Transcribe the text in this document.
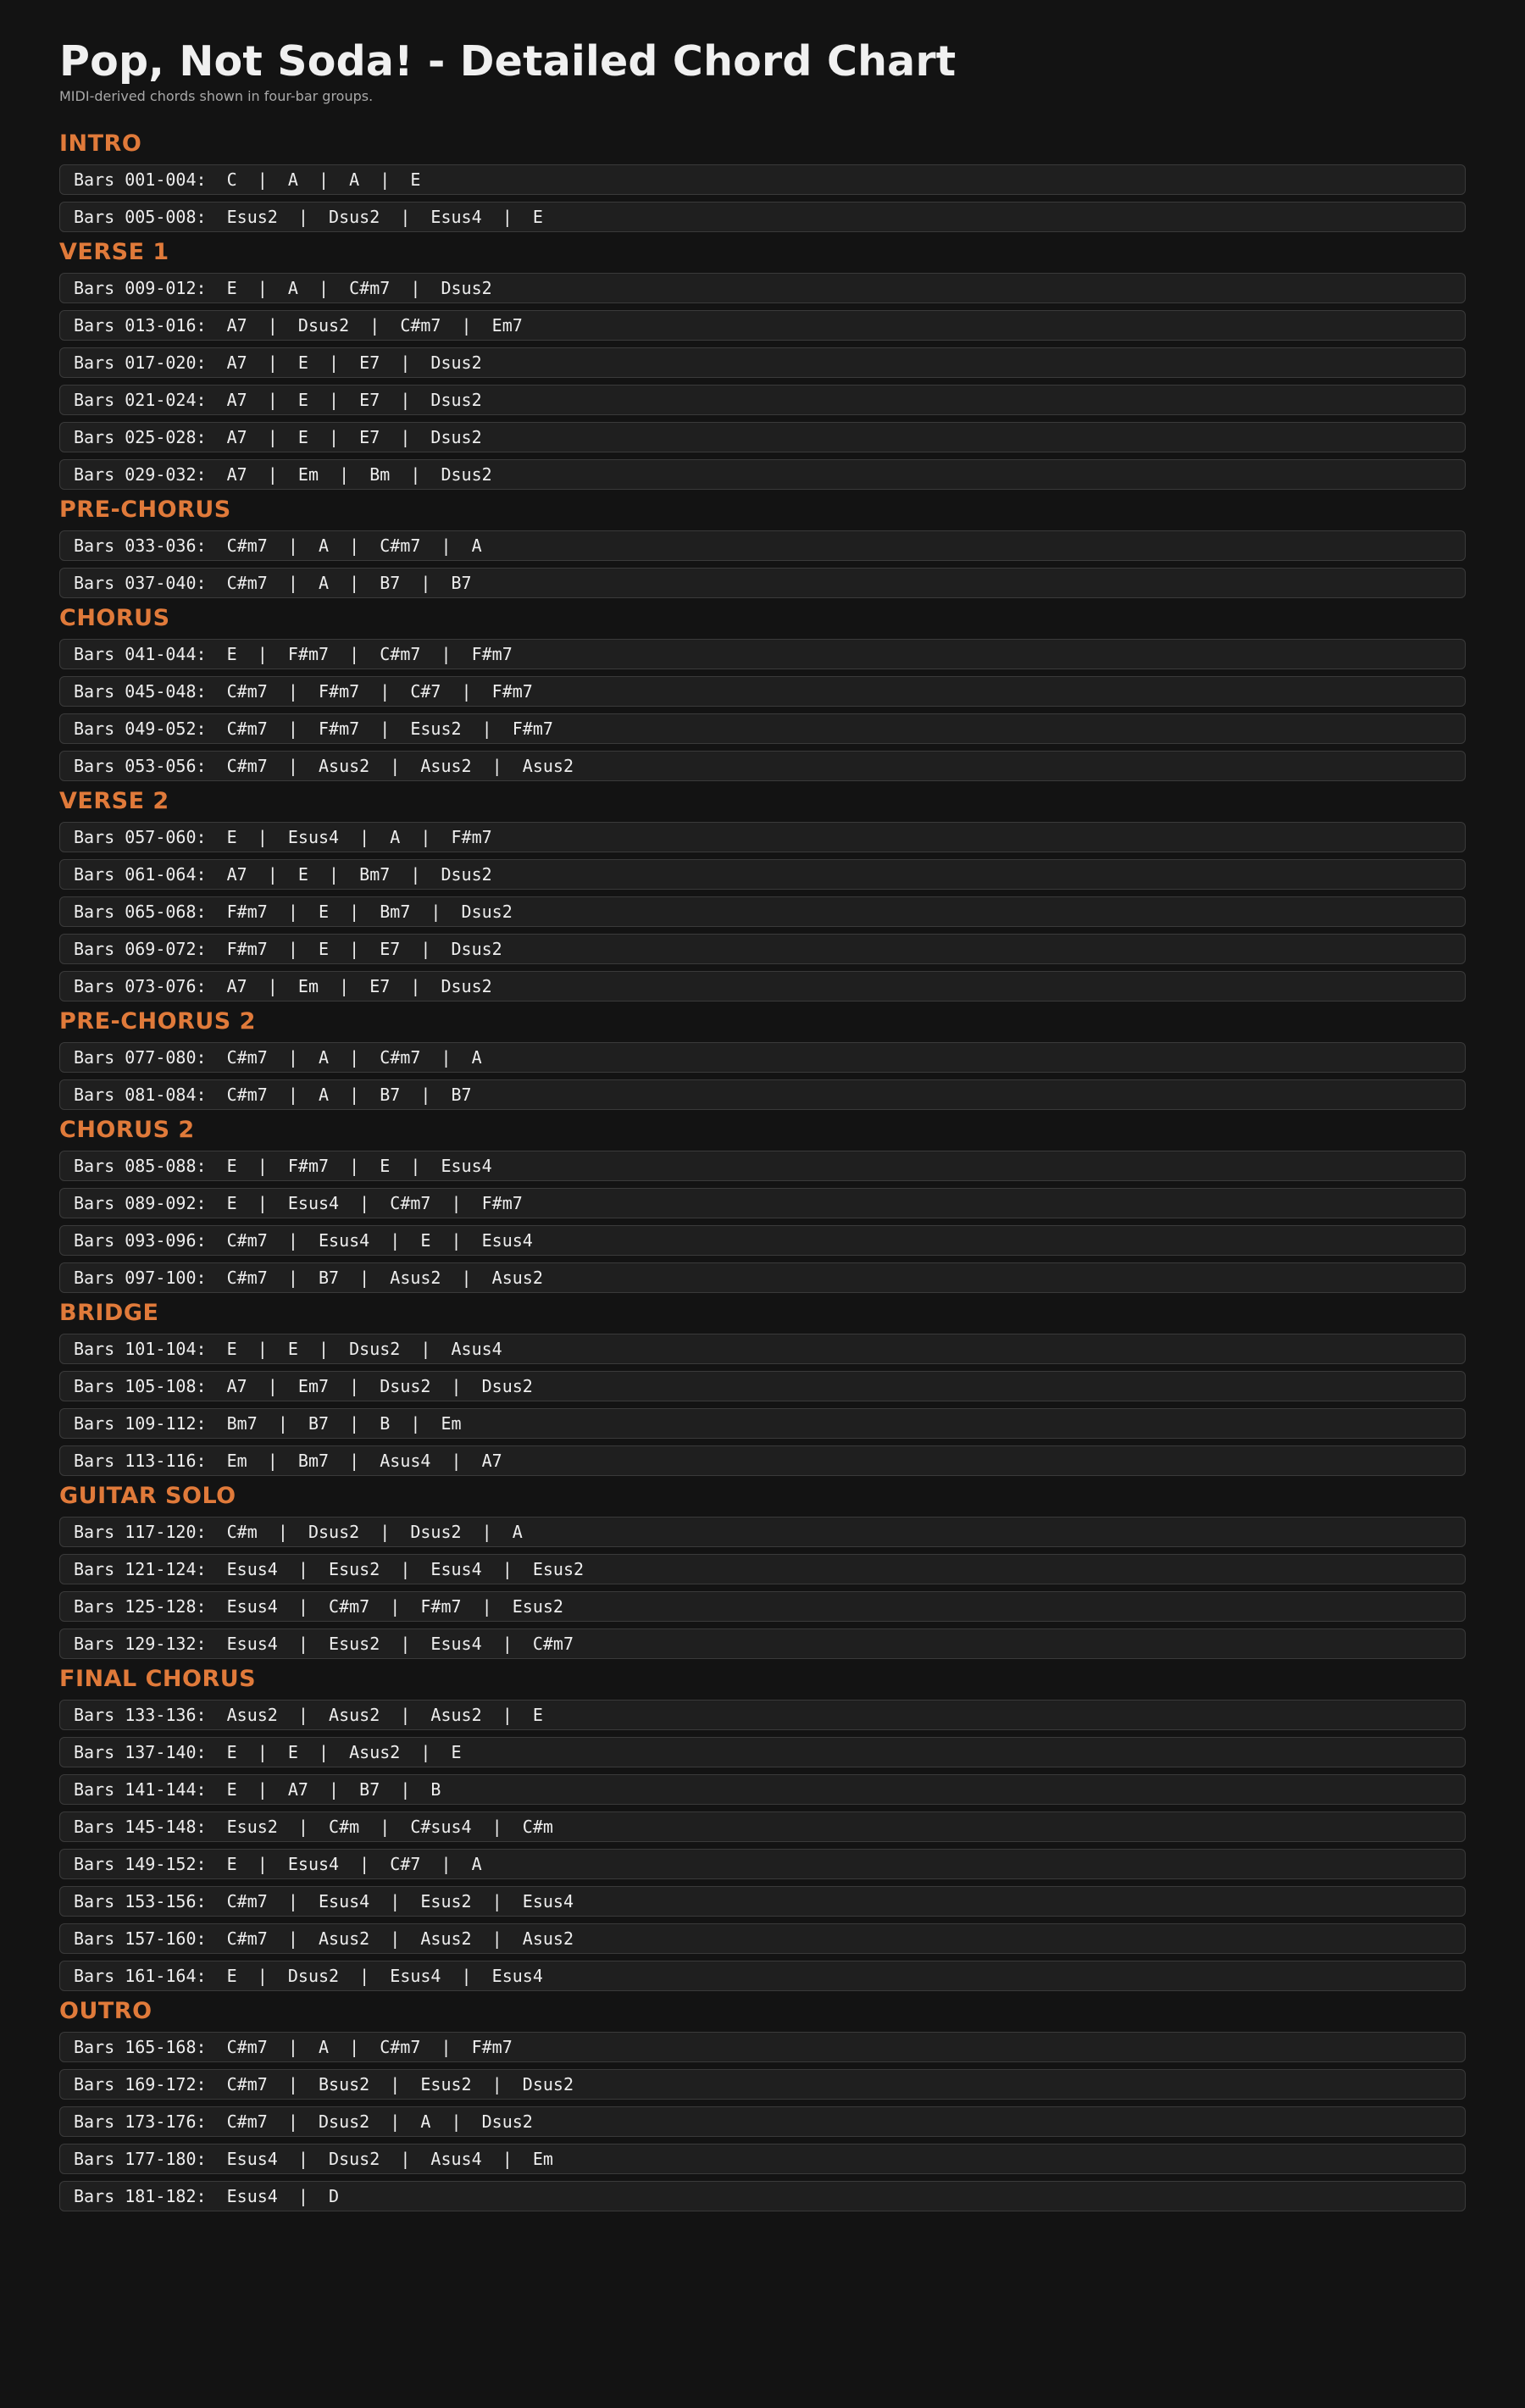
Pop, Not Soda! - Detailed Chord Chart

MIDI-derived chords shown in four-bar groups.

INTRO
Bars 001-004:  C  |  A  |  A  |  E
Bars 005-008:  Esus2  |  Dsus2  |  Esus4  |  E
VERSE 1
Bars 009-012:  E  |  A  |  C#m7  |  Dsus2
Bars 013-016:  A7  |  Dsus2  |  C#m7  |  Em7
Bars 017-020:  A7  |  E  |  E7  |  Dsus2
Bars 021-024:  A7  |  E  |  E7  |  Dsus2
Bars 025-028:  A7  |  E  |  E7  |  Dsus2
Bars 029-032:  A7  |  Em  |  Bm  |  Dsus2
PRE-CHORUS
Bars 033-036:  C#m7  |  A  |  C#m7  |  A
Bars 037-040:  C#m7  |  A  |  B7  |  B7
CHORUS
Bars 041-044:  E  |  F#m7  |  C#m7  |  F#m7
Bars 045-048:  C#m7  |  F#m7  |  C#7  |  F#m7
Bars 049-052:  C#m7  |  F#m7  |  Esus2  |  F#m7
Bars 053-056:  C#m7  |  Asus2  |  Asus2  |  Asus2
VERSE 2
Bars 057-060:  E  |  Esus4  |  A  |  F#m7
Bars 061-064:  A7  |  E  |  Bm7  |  Dsus2
Bars 065-068:  F#m7  |  E  |  Bm7  |  Dsus2
Bars 069-072:  F#m7  |  E  |  E7  |  Dsus2
Bars 073-076:  A7  |  Em  |  E7  |  Dsus2
PRE-CHORUS 2
Bars 077-080:  C#m7  |  A  |  C#m7  |  A
Bars 081-084:  C#m7  |  A  |  B7  |  B7
CHORUS 2
Bars 085-088:  E  |  F#m7  |  E  |  Esus4
Bars 089-092:  E  |  Esus4  |  C#m7  |  F#m7
Bars 093-096:  C#m7  |  Esus4  |  E  |  Esus4
Bars 097-100:  C#m7  |  B7  |  Asus2  |  Asus2
BRIDGE
Bars 101-104:  E  |  E  |  Dsus2  |  Asus4
Bars 105-108:  A7  |  Em7  |  Dsus2  |  Dsus2
Bars 109-112:  Bm7  |  B7  |  B  |  Em
Bars 113-116:  Em  |  Bm7  |  Asus4  |  A7
GUITAR SOLO
Bars 117-120:  C#m  |  Dsus2  |  Dsus2  |  A
Bars 121-124:  Esus4  |  Esus2  |  Esus4  |  Esus2
Bars 125-128:  Esus4  |  C#m7  |  F#m7  |  Esus2
Bars 129-132:  Esus4  |  Esus2  |  Esus4  |  C#m7
FINAL CHORUS
Bars 133-136:  Asus2  |  Asus2  |  Asus2  |  E
Bars 137-140:  E  |  E  |  Asus2  |  E
Bars 141-144:  E  |  A7  |  B7  |  B
Bars 145-148:  Esus2  |  C#m  |  C#sus4  |  C#m
Bars 149-152:  E  |  Esus4  |  C#7  |  A
Bars 153-156:  C#m7  |  Esus4  |  Esus2  |  Esus4
Bars 157-160:  C#m7  |  Asus2  |  Asus2  |  Asus2
Bars 161-164:  E  |  Dsus2  |  Esus4  |  Esus4
OUTRO
Bars 165-168:  C#m7  |  A  |  C#m7  |  F#m7
Bars 169-172:  C#m7  |  Bsus2  |  Esus2  |  Dsus2
Bars 173-176:  C#m7  |  Dsus2  |  A  |  Dsus2
Bars 177-180:  Esus4  |  Dsus2  |  Asus4  |  Em
Bars 181-182:  Esus4  |  D
